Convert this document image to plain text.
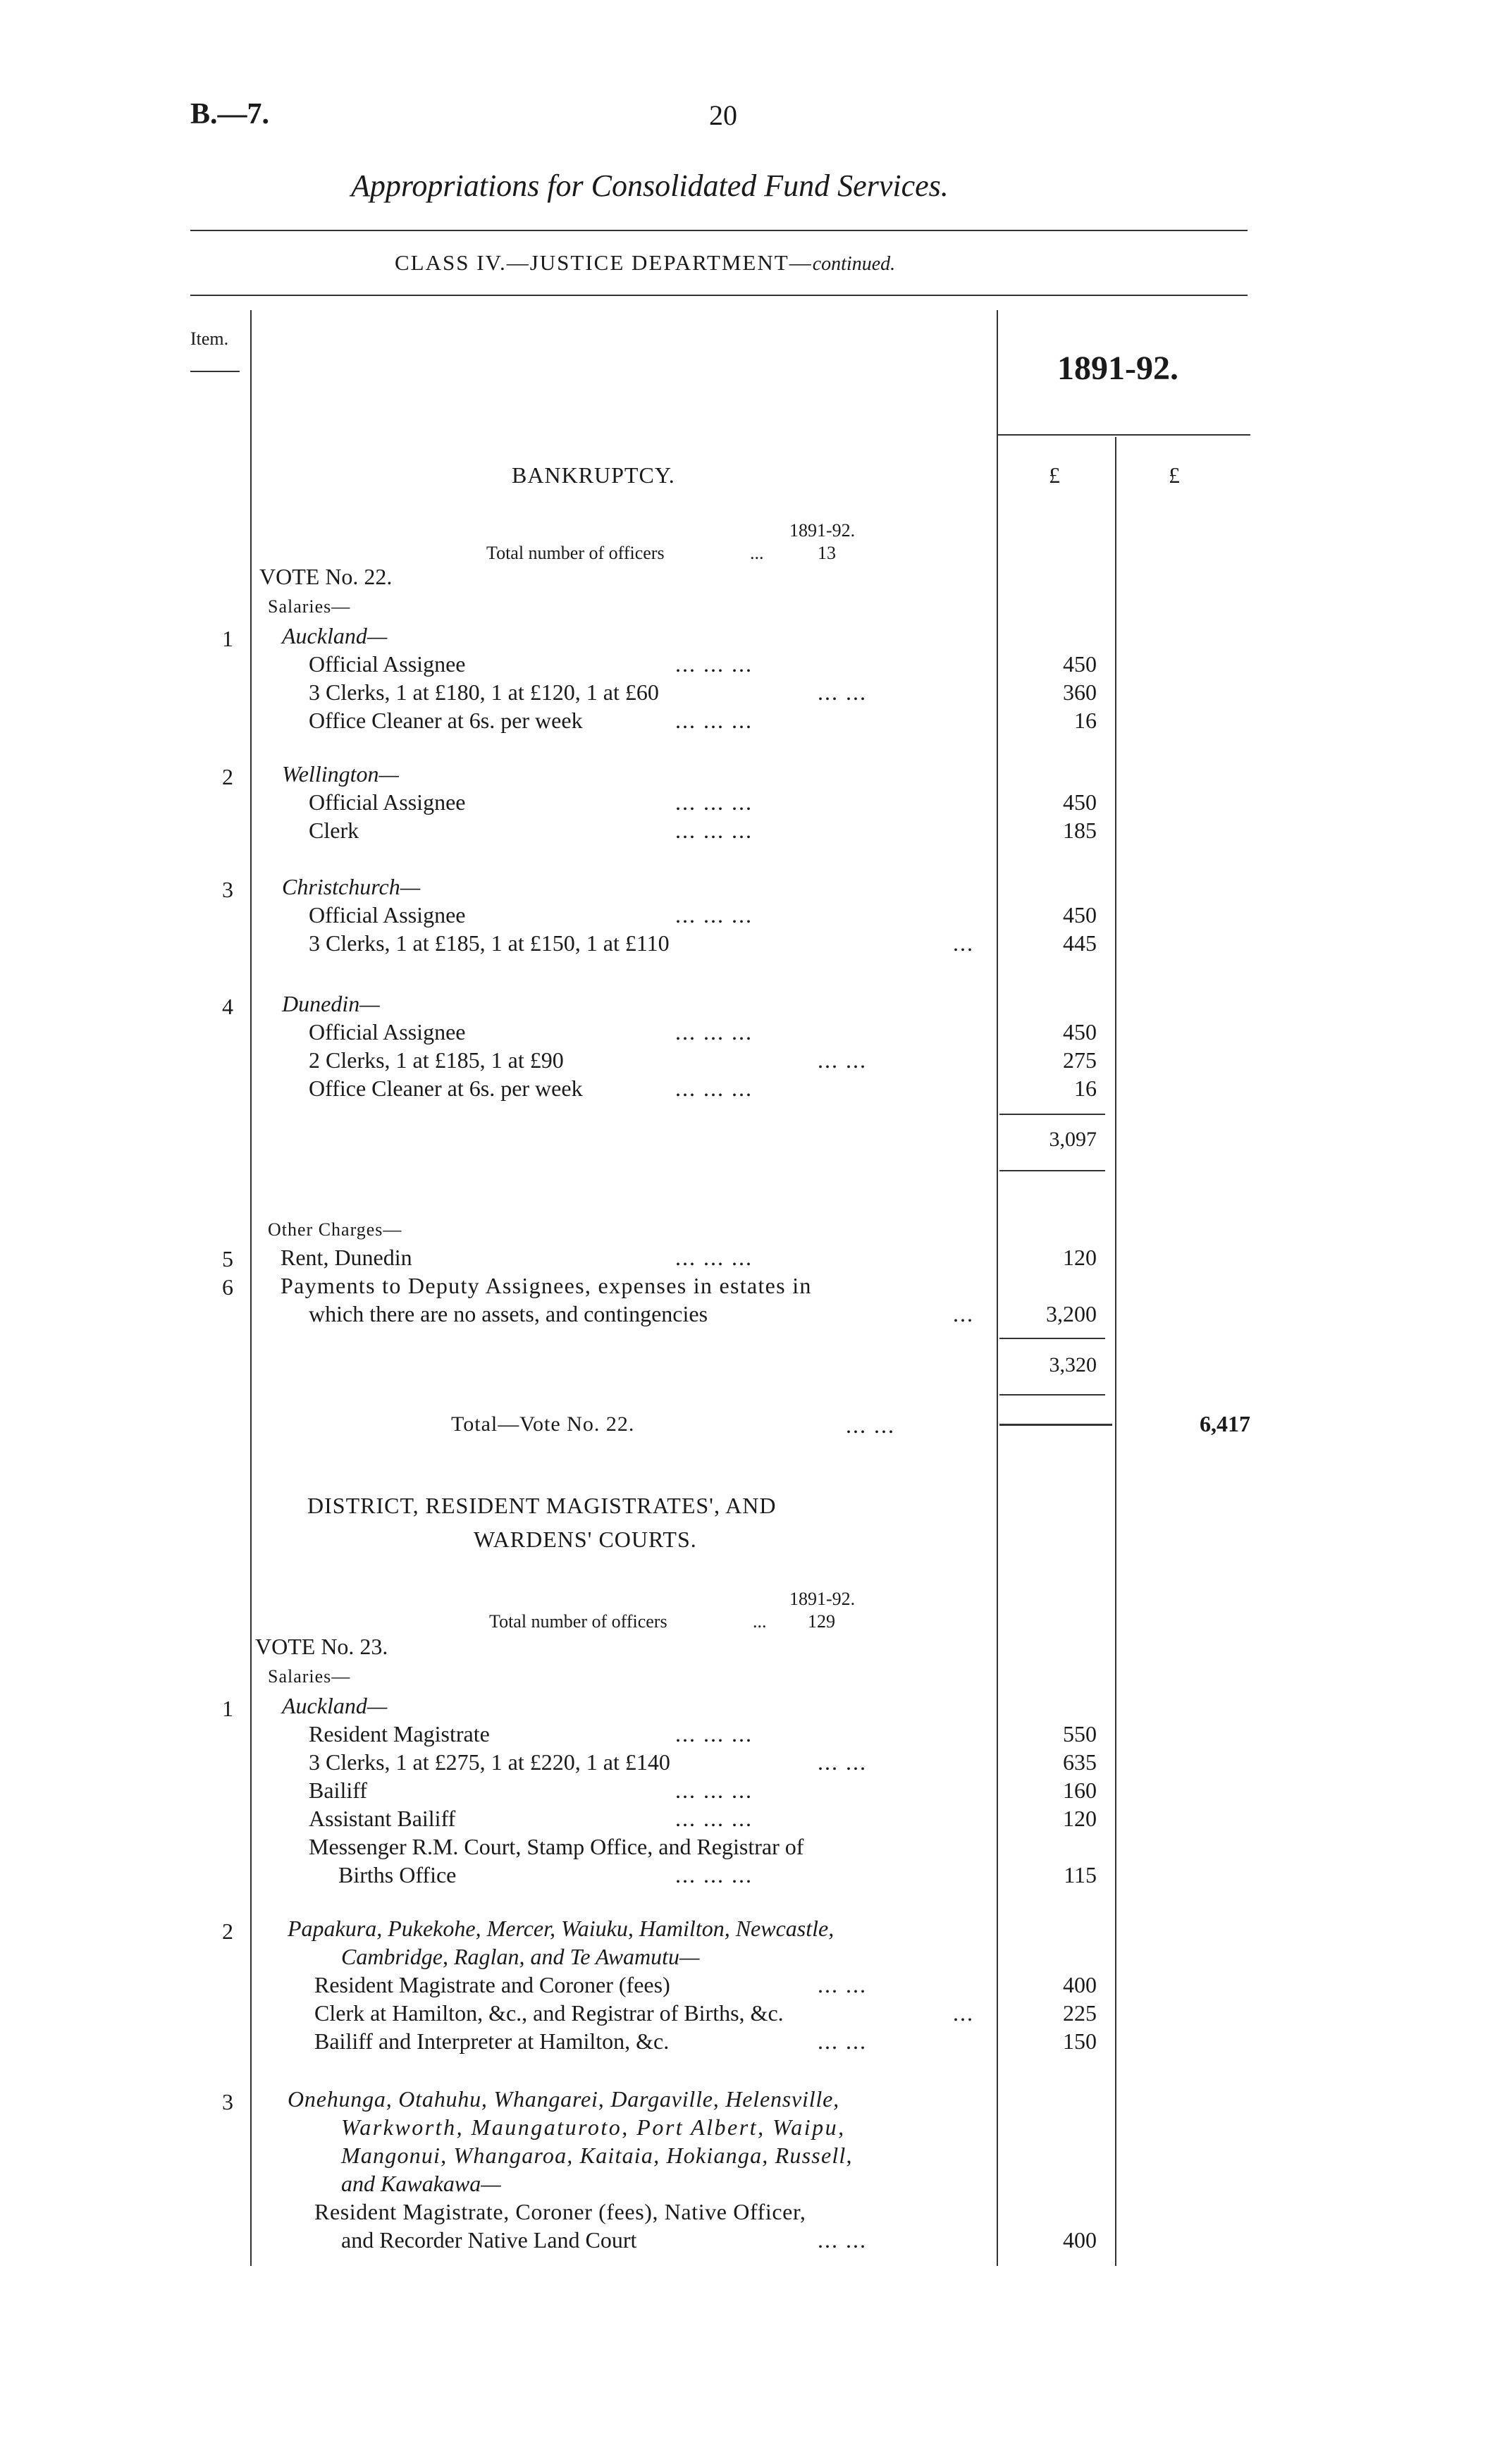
B.—7.	20
Appropriations for Consolidated Fund Services.
CLASS IV.—JUSTICE DEPARTMENT—continued.
Item.
1891-92.
£	£
BANKRUPTCY.
1891-92.
Total number of officers	...	13
VOTE No. 22.
Salaries—
1 Auckland—
Official Assignee	... ... ...	450
3 Clerks, 1 at £180, 1 at £120, 1 at £60	... ...	360
Office Cleaner at 6s. per week	... ... ...	16
2 Wellington—
Official Assignee	... ... ...	450
Clerk	... ... ...	185
3 Christchurch—
Official Assignee	... ... ...	450
3 Clerks, 1 at £185, 1 at £150, 1 at £110	...	445
4 Dunedin—
Official Assignee	... ... ...	450
2 Clerks, 1 at £185, 1 at £90	... ...	275
Office Cleaner at 6s. per week	... ... ...	16
3,097
Other Charges—
5 Rent, Dunedin	... ... ...	120
6 Payments to Deputy Assignees, expenses in estates in
which there are no assets, and contingencies	...	3,200
3,320
Total—Vote No. 22.	... ...	6,417
DISTRICT, RESIDENT MAGISTRATES', AND
WARDENS' COURTS.
1891-92.
Total number of officers	... 129
VOTE No. 23.
Salaries—
1 Auckland—
Resident Magistrate	... ... ...	550
3 Clerks, 1 at £275, 1 at £220, 1 at £140	... ...	635
Bailiff	... ... ...	160
Assistant Bailiff	... ... ...	120
Messenger R.M. Court, Stamp Office, and Registrar of
Births Office	... ... ...	115
2 Papakura, Pukekohe, Mercer, Waiuku, Hamilton, Newcastle,
Cambridge, Raglan, and Te Awamutu—
Resident Magistrate and Coroner (fees)	... ...	400
Clerk at Hamilton, &c., and Registrar of Births, &c.	...	225
Bailiff and Interpreter at Hamilton, &c.	... ...	150
3 Onehunga, Otahuhu, Whangarei, Dargaville, Helensville,
Warkworth, Maungaturoto, Port Albert, Waipu,
Mangonui, Whangaroa, Kaitaia, Hokianga, Russell,
and Kawakawa—
Resident Magistrate, Coroner (fees), Native Officer,
and Recorder Native Land Court	... ...	400
